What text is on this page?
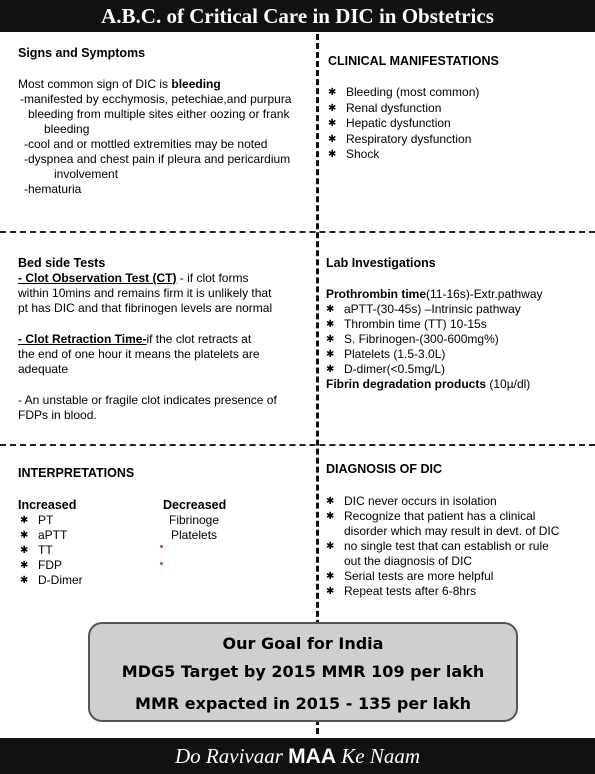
A.B.C. of Critical Care in DIC in Obstetrics
Signs and Symptoms
Most common sign of DIC is bleeding
-manifested by ecchymosis, petechiae,and purpura
bleeding from multiple sites either oozing or frank
bleeding
-cool and or mottled extremities may be noted
-dyspnea and chest pain if pleura and pericardium
involvement
-hematuria
CLINICAL MANIFESTATIONS
✱ Bleeding (most common)
✱ Renal dysfunction
✱ Hepatic dysfunction
✱ Respiratory dysfunction
✱ Shock
Bed side Tests
- Clot Observation Test (CT) - if clot forms
within 10mins and remains firm it is unlikely that
pt has DIC and that fibrinogen levels are normal
- Clot Retraction Time-if the clot retracts at
the end of one hour it means the platelets are
adequate
- An unstable or fragile clot indicates presence of
FDPs in blood.
Lab Investigations
Prothrombin time(11-16s)-Extr.pathway
✱ aPTT-(30-45s) –Intrinsic pathway
✱ Thrombin time (TT) 10-15s
✱ S. Fibrinogen-(300-600mg%)
✱ Platelets (1.5-3.0L)
✱ D-dimer(<0.5mg/L)
Fibrin degradation products (10µ/dl)
INTERPRETATIONS
Increased
✱ PT
✱ aPTT
✱ TT
✱ FDP
✱ D-Dimer
Decreased
Fibrinoge
Platelets
DIAGNOSIS OF DIC
✱ DIC never occurs in isolation
✱ Recognize that patient has a clinical
disorder which may result in devt. of DIC
✱ no single test that can establish or rule
out the diagnosis of DIC
✱ Serial tests are more helpful
✱ Repeat tests after 6-8hrs
Our Goal for India
MDG5 Target by 2015 MMR 109 per lakh
MMR expacted in 2015 - 135 per lakh
Do Ravivaar MAA Ke Naam
